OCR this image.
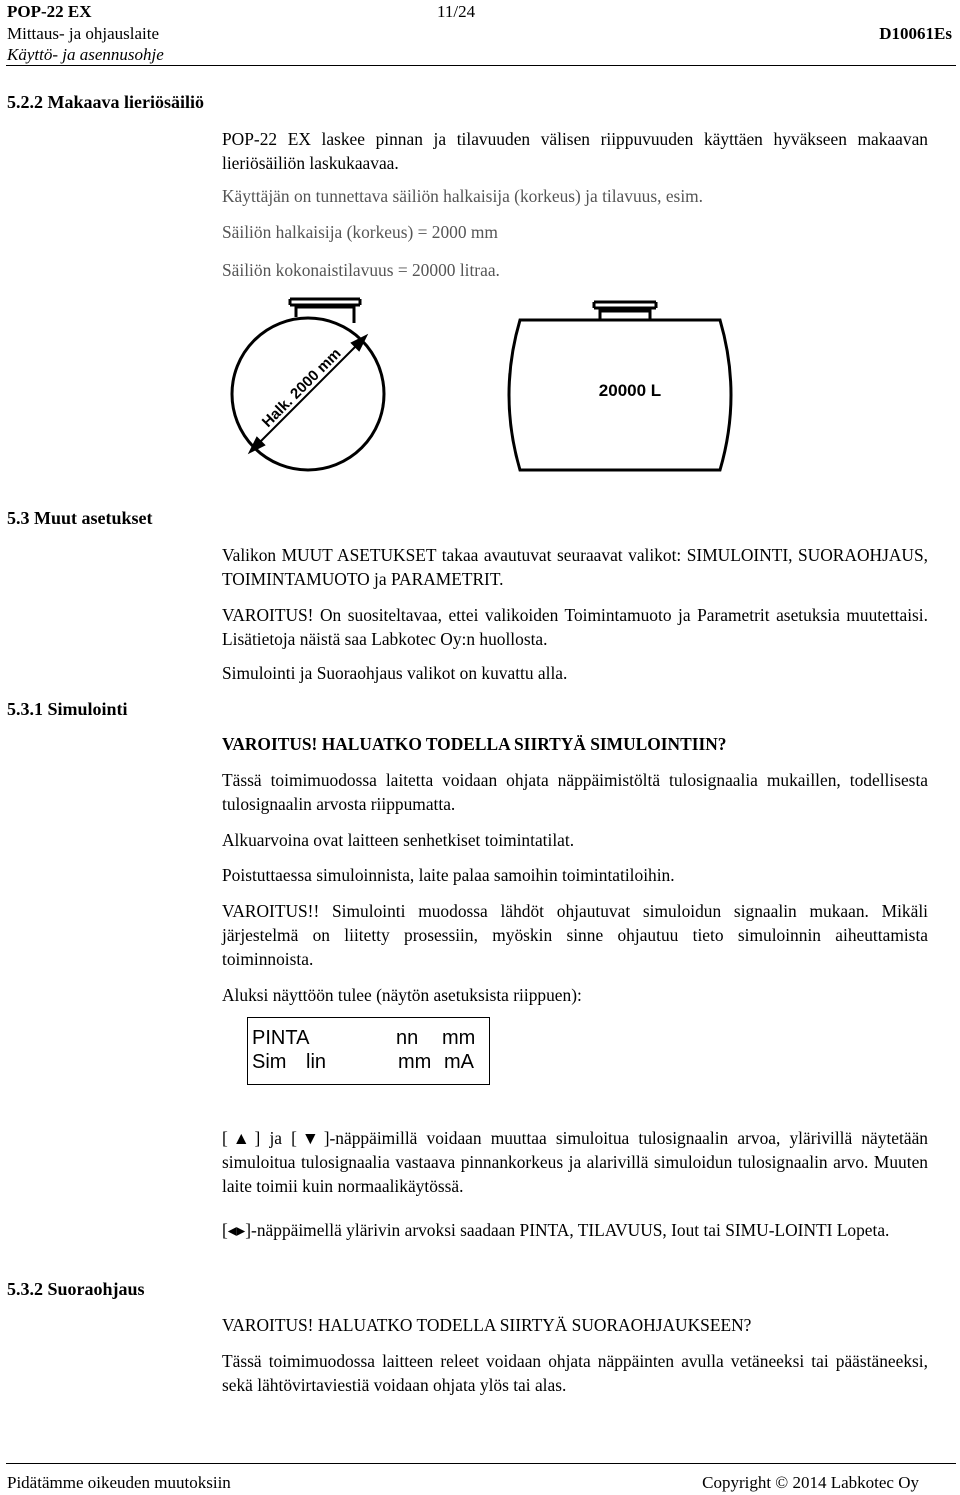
POP-22 EX
Mittaus- ja ohjauslaite
Käyttö- ja asennusohje
11/24
D10061Es
5.2.2 Makaava lieriösäiliö
POP-22 EX laskee pinnan ja tilavuuden välisen riippuvuuden käyttäen hyväkseen makaavan lieriösäiliön laskukaavaa.
Käyttäjän on tunnettava säiliön halkaisija (korkeus) ja tilavuus, esim.
Säiliön halkaisija (korkeus) = 2000 mm
Säiliön kokonaistilavuus = 20000 litraa.
Halk. 2000 mm	20000 L
5.3 Muut asetukset
Valikon MUUT ASETUKSET takaa avautuvat seuraavat valikot: SIMULOINTI, SUORAOHJAUS, TOIMINTAMUOTO ja PARAMETRIT.
VAROITUS! On suositeltavaa, ettei valikoiden Toimintamuoto ja Parametrit asetuksia muutettaisi. Lisätietoja näistä saa Labkotec Oy:n huollosta.
Simulointi ja Suoraohjaus valikot on kuvattu alla.
5.3.1 Simulointi
VAROITUS! HALUATKO TODELLA SIIRTYÄ SIMULOINTIIN?
Tässä toimimuodossa laitetta voidaan ohjata näppäimistöltä tulosignaalia mukaillen, todellisesta tulosignaalin arvosta riippumatta.
Alkuarvoina ovat laitteen senhetkiset toimintatilat.
Poistuttaessa simuloinnista, laite palaa samoihin toimintatiloihin.
VAROITUS!! Simulointi muodossa lähdöt ohjautuvat simuloidun signaalin mukaan. Mikäli järjestelmä on liitetty prosessiin, myöskin sinne ohjautuu tieto simuloinnin aiheuttamista toiminnoista.
Aluksi näyttöön tulee (näytön asetuksista riippuen):
PINTA	nn mm
Sim lin	mm mA
[▲] ja [▼]-näppäimillä voidaan muuttaa simuloitua tulosignaalin arvoa, ylärivillä näytetään simuloitua tulosignaalia vastaava pinnankorkeus ja alarivillä simuloidun tulosignaalin arvo. Muuten laite toimii kuin normaalikäytössä.
[◂▸]-näppäimellä ylärivin arvoksi saadaan PINTA, TILAVUUS, Iout tai SIMU-LOINTI Lopeta.
5.3.2 Suoraohjaus
VAROITUS! HALUATKO TODELLA SIIRTYÄ SUORAOHJAUKSEEN?
Tässä toimimuodossa laitteen releet voidaan ohjata näppäinten avulla vetäneeksi tai päästäneeksi, sekä lähtövirtaviestiä voidaan ohjata ylös tai alas.
Pidätämme oikeuden muutoksiin	Copyright © 2014 Labkotec Oy
